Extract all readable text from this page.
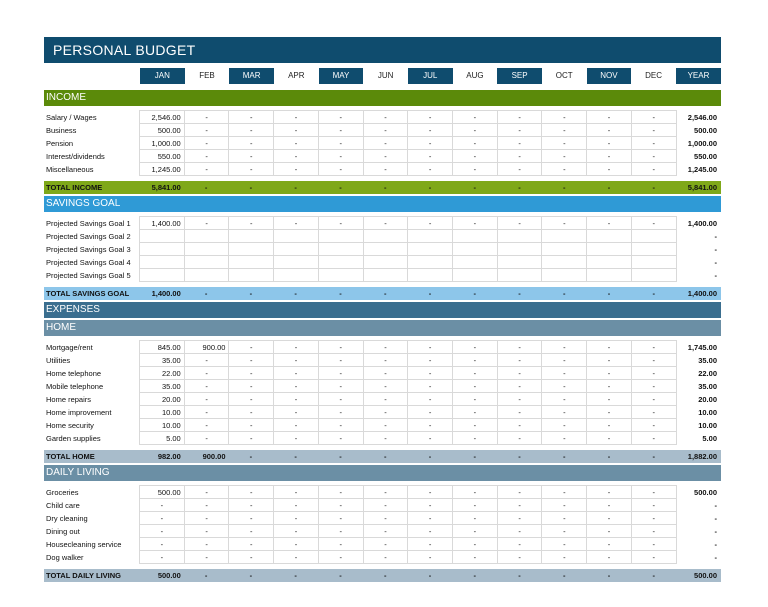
PERSONAL BUDGET
JAN	FEB	MAR	APR	MAY	JUN	JUL	AUG	SEP	OCT	NOV	DEC	YEAR
INCOME
Salary / Wages	2,546.00	-	-	-	-	-	-	-	-	-	-	-	2,546.00
Business	500.00	-	-	-	-	-	-	-	-	-	-	-	500.00
Pension	1,000.00	-	-	-	-	-	-	-	-	-	-	-	1,000.00
Interest/dividends	550.00	-	-	-	-	-	-	-	-	-	-	-	550.00
Miscellaneous	1,245.00	-	-	-	-	-	-	-	-	-	-	-	1,245.00
TOTAL INCOME	5,841.00	-	-	-	-	-	-	-	-	-	-	-	5,841.00
SAVINGS GOAL
Projected Savings Goal 1	1,400.00	-	-	-	-	-	-	-	-	-	-	-	1,400.00
Projected Savings Goal 2													-
Projected Savings Goal 3													-
Projected Savings Goal 4													-
Projected Savings Goal 5													-
TOTAL SAVINGS GOAL	1,400.00	-	-	-	-	-	-	-	-	-	-	-	1,400.00
EXPENSES
HOME
Mortgage/rent	845.00	900.00	-	-	-	-	-	-	-	-	-	-	1,745.00
Utilities	35.00	-	-	-	-	-	-	-	-	-	-	-	35.00
Home telephone	22.00	-	-	-	-	-	-	-	-	-	-	-	22.00
Mobile telephone	35.00	-	-	-	-	-	-	-	-	-	-	-	35.00
Home repairs	20.00	-	-	-	-	-	-	-	-	-	-	-	20.00
Home improvement	10.00	-	-	-	-	-	-	-	-	-	-	-	10.00
Home security	10.00	-	-	-	-	-	-	-	-	-	-	-	10.00
Garden supplies	5.00	-	-	-	-	-	-	-	-	-	-	-	5.00
TOTAL HOME	982.00	900.00	-	-	-	-	-	-	-	-	-	-	1,882.00
DAILY LIVING
Groceries	500.00	-	-	-	-	-	-	-	-	-	-	-	500.00
Child care	-	-	-	-	-	-	-	-	-	-	-	-	-
Dry cleaning	-	-	-	-	-	-	-	-	-	-	-	-	-
Dining out	-	-	-	-	-	-	-	-	-	-	-	-	-
Housecleaning service	-	-	-	-	-	-	-	-	-	-	-	-	-
Dog walker	-	-	-	-	-	-	-	-	-	-	-	-	-
TOTAL DAILY LIVING	500.00	-	-	-	-	-	-	-	-	-	-	-	500.00
